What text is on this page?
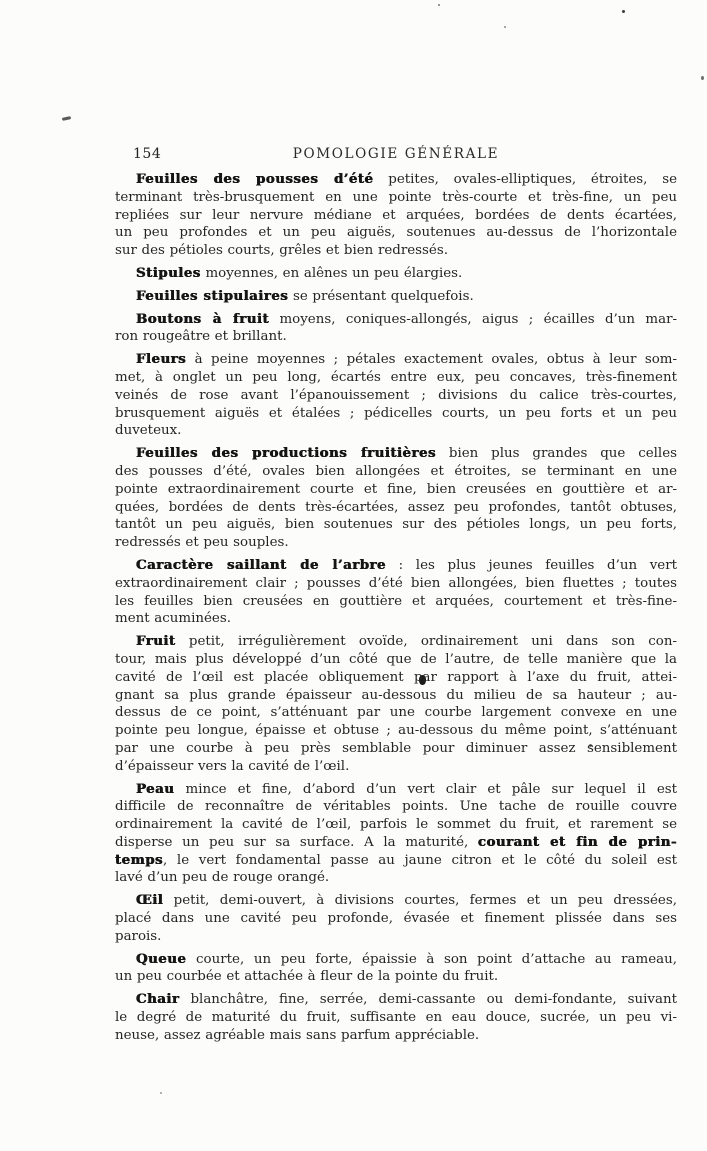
154	POMOLOGIE GÉNÉRALE
Feuilles des pousses d’été petites, ovales-elliptiques, étroites, se
terminant très-brusquement en une pointe très-courte et très-fine, un peu
repliées sur leur nervure médiane et arquées, bordées de dents écartées,
un peu profondes et un peu aiguës, soutenues au-dessus de l’horizontale
sur des pétioles courts, grêles et bien redressés.
Stipules moyennes, en alênes un peu élargies.
Feuilles stipulaires se présentant quelquefois.
Boutons à fruit moyens, coniques-allongés, aigus ; écailles d’un mar-
ron rougeâtre et brillant.
Fleurs à peine moyennes ; pétales exactement ovales, obtus à leur som-
met, à onglet un peu long, écartés entre eux, peu concaves, très-finement
veinés de rose avant l’épanouissement ; divisions du calice très-courtes,
brusquement aiguës et étalées ; pédicelles courts, un peu forts et un peu
duveteux.
Feuilles des productions fruitières bien plus grandes que celles
des pousses d’été, ovales bien allongées et étroites, se terminant en une
pointe extraordinairement courte et fine, bien creusées en gouttière et ar-
quées, bordées de dents très-écartées, assez peu profondes, tantôt obtuses,
tantôt un peu aiguës, bien soutenues sur des pétioles longs, un peu forts,
redressés et peu souples.
Caractère saillant de l’arbre : les plus jeunes feuilles d’un vert
extraordinairement clair ; pousses d’été bien allongées, bien fluettes ; toutes
les feuilles bien creusées en gouttière et arquées, courtement et très-fine-
ment acuminées.
Fruit petit, irrégulièrement ovoïde, ordinairement uni dans son con-
tour, mais plus développé d’un côté que de l’autre, de telle manière que la
cavité de l’œil est placée obliquement par rapport à l’axe du fruit, attei-
gnant sa plus grande épaisseur au-dessous du milieu de sa hauteur ; au-
dessus de ce point, s’atténuant par une courbe largement convexe en une
pointe peu longue, épaisse et obtuse ; au-dessous du même point, s’atténuant
par une courbe à peu près semblable pour diminuer assez sensiblement
d’épaisseur vers la cavité de l’œil.
Peau mince et fine, d’abord d’un vert clair et pâle sur lequel il est
difficile de reconnaître de véritables points. Une tache de rouille couvre
ordinairement la cavité de l’œil, parfois le sommet du fruit, et rarement se
disperse un peu sur sa surface. A la maturité, courant et fin de prin-
temps, le vert fondamental passe au jaune citron et le côté du soleil est
lavé d’un peu de rouge orangé.
Œil petit, demi-ouvert, à divisions courtes, fermes et un peu dressées,
placé dans une cavité peu profonde, évasée et finement plissée dans ses
parois.
Queue courte, un peu forte, épaissie à son point d’attache au rameau,
un peu courbée et attachée à fleur de la pointe du fruit.
Chair blanchâtre, fine, serrée, demi-cassante ou demi-fondante, suivant
le degré de maturité du fruit, suffisante en eau douce, sucrée, un peu vi-
neuse, assez agréable mais sans parfum appréciable.
